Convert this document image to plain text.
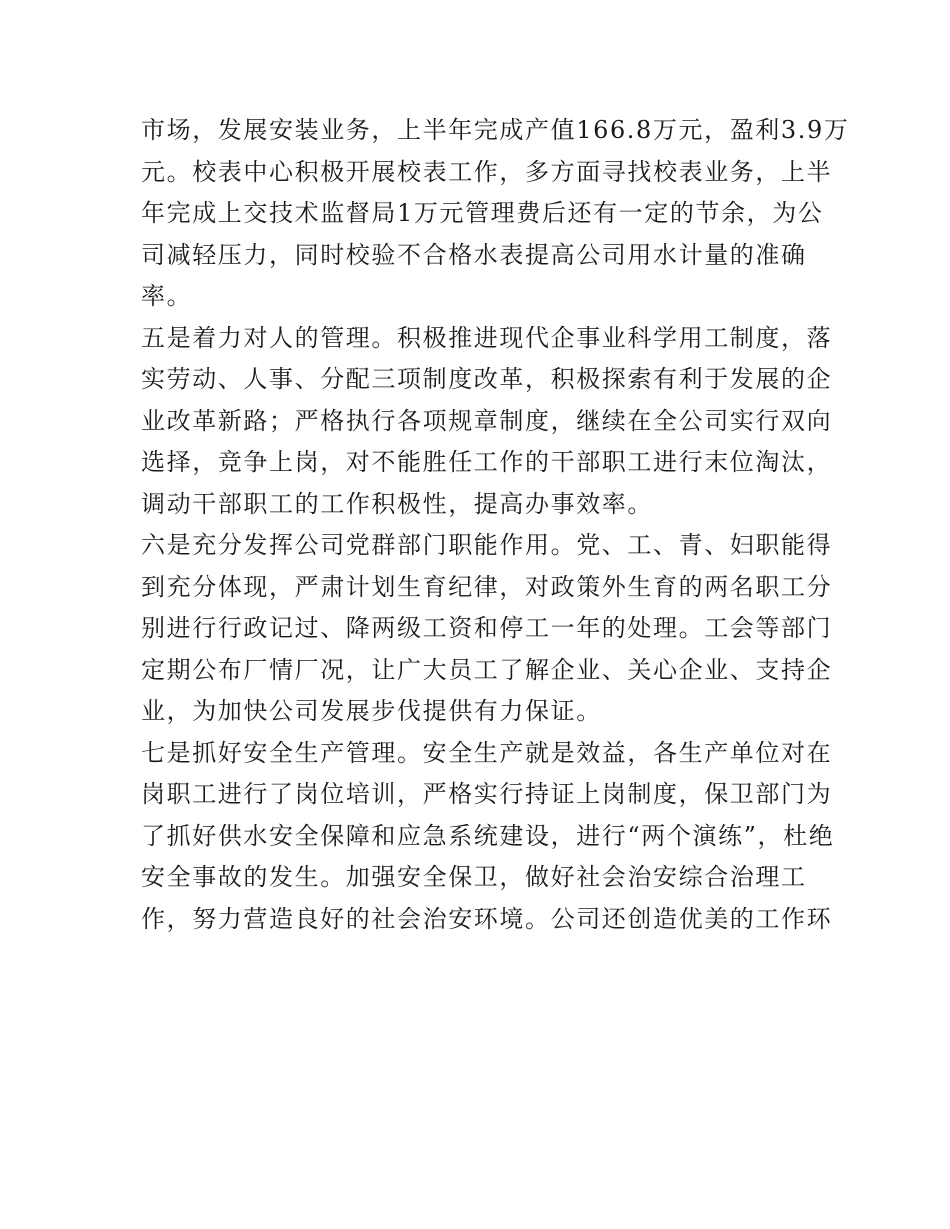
市场，发展安装业务，上半年完成产值166.8万元，盈利3.9万
元。校表中心积极开展校表工作，多方面寻找校表业务，上半
年完成上交技术监督局1万元管理费后还有一定的节余，为公
司减轻压力，同时校验不合格水表提高公司用水计量的准确
率。
五是着力对人的管理。积极推进现代企事业科学用工制度，落
实劳动、人事、分配三项制度改革，积极探索有利于发展的企
业改革新路；严格执行各项规章制度，继续在全公司实行双向
选择，竞争上岗，对不能胜任工作的干部职工进行末位淘汰，
调动干部职工的工作积极性，提高办事效率。
六是充分发挥公司党群部门职能作用。党、工、青、妇职能得
到充分体现，严肃计划生育纪律，对政策外生育的两名职工分
别进行行政记过、降两级工资和停工一年的处理。工会等部门
定期公布厂情厂况，让广大员工了解企业、关心企业、支持企
业，为加快公司发展步伐提供有力保证。
七是抓好安全生产管理。安全生产就是效益，各生产单位对在
岗职工进行了岗位培训，严格实行持证上岗制度，保卫部门为
了抓好供水安全保障和应急系统建设，进行“两个演练”，杜绝
安全事故的发生。加强安全保卫，做好社会治安综合治理工
作，努力营造良好的社会治安环境。公司还创造优美的工作环
